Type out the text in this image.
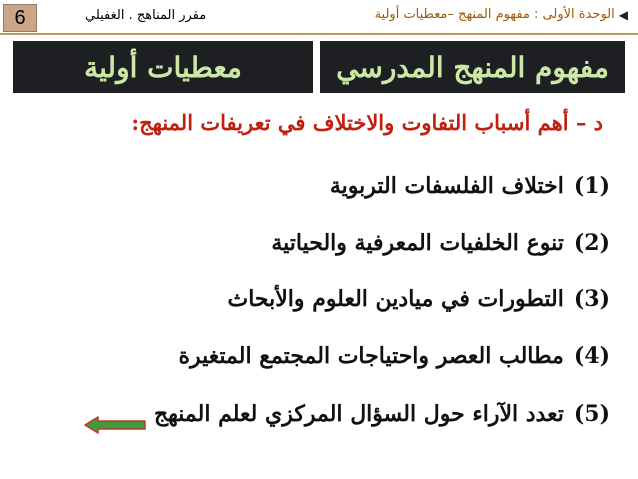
6	مقرر المناهج . الغفيلي	◀
الوحدة الأولى : مفهوم المنهج –معطيات أولية
معطيات أولية	مفهوم المنهج المدرسي
د – أهم أسباب التفاوت والاختلاف في تعريفات المنهج:
(1)اختلاف الفلسفات التربوية
(2)تنوع الخلفيات المعرفية والحياتية
(3)التطورات في ميادين العلوم والأبحاث
(4)مطالب العصر واحتياجات المجتمع المتغيرة
(5)تعدد الآراء حول السؤال المركزي لعلم المنهج
